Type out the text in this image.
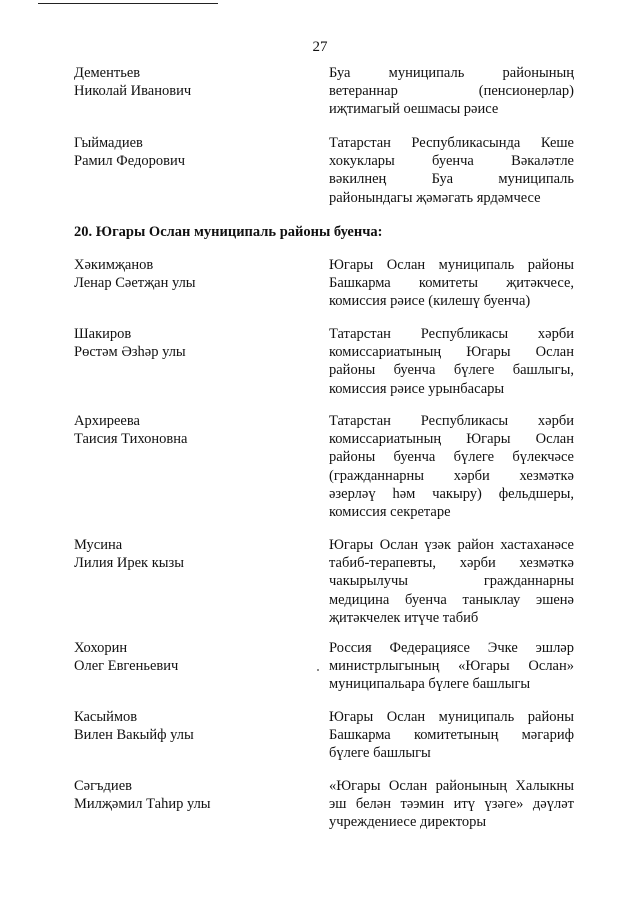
27
Дементьев
Николай Иванович
Буа муниципаль районының
ветераннар (пенсионерлар)
иҗтимагый оешмасы рәисе
Гыймадиев
Рамил Федорович
Татарстан Республикасында Кеше
хокуклары буенча Вәкаләтле
вәкилнең Буа муниципаль
районындагы җәмәгать ярдәмчесе
20. Югары Ослан муниципаль районы буенча:
Хәкимҗанов
Ленар Сәетҗан улы
Югары Ослан муниципаль районы
Башкарма комитеты җитәкчесе,
комиссия рәисе (килешү буенча)
Шакиров
Рөстәм Әзһәр улы
Татарстан Республикасы хәрби
комиссариатының Югары Ослан
районы буенча бүлеге башлыгы,
комиссия рәисе урынбасары
Архиреева
Таисия Тихоновна
Татарстан Республикасы хәрби
комиссариатының Югары Ослан
районы буенча бүлеге бүлекчәсе
(гражданнарны хәрби хезмәткә
әзерләү һәм чакыру) фельдшеры,
комиссия секретаре
Мусина
Лилия Ирек кызы
Югары Ослан үзәк район хастаханәсе
табиб-терапевты, хәрби хезмәткә
чакырылучы гражданнарны
медицина буенча таныклау эшенә
җитәкчелек итүче табиб
Хохорин
Олег Евгеньевич
Россия Федерациясе Эчке эшләр
министрлыгының «Югары Ослан»
муниципальара бүлеге башлыгы
Касыймов
Вилен Вакыйф улы
Югары Ослан муниципаль районы
Башкарма комитетының мәгариф
бүлеге башлыгы
Сәгъдиев
Милҗәмил Таһир улы
«Югары Ослан районының Халыкны
эш белән тәэмин итү үзәге» дәүләт
учреждениесе директоры
